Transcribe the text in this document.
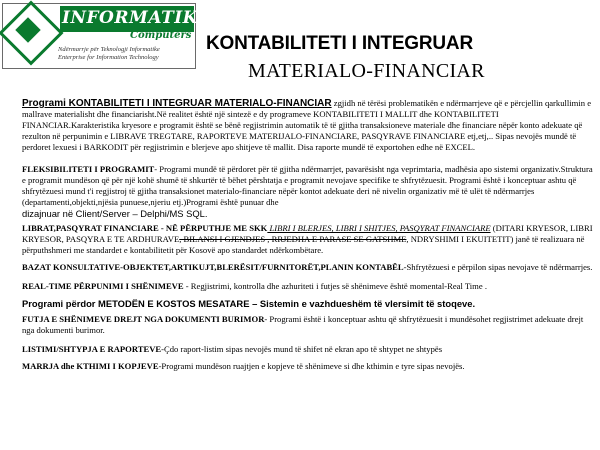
INFORMATIKA
Computers
Ndërmarrje për Teknologji Informatike
Enterprise for Information Technology
KONTABILITETI I INTEGRUAR
MATERIALO-FINANCIAR

Programi KONTABILITETI I INTEGRUAR MATERIALO-FINANCIAR zgjidh në tërësi problematikën e ndërmarrjeve që e përcjellin qarkullimin e mallrave materialisht dhe financiarisht.Në realitet është një sintezë e dy programeve KONTABILITETI I MALLIT dhe KONTABILITETI FINANCIAR.Karakteristika kryesore e programit është se bënë regjistrimin automatik të të gjitha transaksioneve materiale dhe financiare nëpër konto adekuate që rezulton në perpunimin e LIBRAVE TREGTARE, RAPORTEVE MATERIJALO-FINANCIARE, PASQYRAVE FINANCIARE etj,etj,.. Sipas nevojës mundë të perdoret lexuesi i BARKODIT për regjistrimin e blerjeve apo shitjeve të mallit. Disa raporte mundë të exportohen edhe në EXCEL.

FLEKSIBILITETI I PROGRAMIT- Programi mundë të përdoret për të gjitha ndërmarrjet, pavarësisht nga veprimtaria, madhësia apo sistemi organizativ.Struktura e programit mundëson që për një kohë shumë të shkurtër të bëhet përshtatja e programit nevojave specifike te shfrytëzuesit. Programi është i konceptuar ashtu që shfrytëzuesi mund t'i regjistroj të gjitha transaksionet materialo-financiare nëpër kontot adekuate deri në nivelin organizativ më të ulët të ndërmarrjes (departamenti,objekti,njësia punuese,njeriu etj.)Programi është punuar dhe

dizajnuar në Client/Server – Delphi/MS SQL.

LIBRAT,PASQYRAT FINANCIARE - NË PËRPUTHJE ME SKK LIBRI I BLERJES, LIBRI I SHITJES, PASQYRAT FINANCIARE (DITARI KRYESOR, LIBRI KRYESOR, PASQYRA E TE ARDHURAVE, BILANSI I GJENDJES , RRJEDHA E PARASE SE GATSHME, NDRYSHIMI I EKUITETIT) janë të realizuara në përputhshmeri me standardet e kontabilitetit për Kosovë apo standardet ndërkombëtare.

BAZAT KONSULTATIVE-OBJEKTET,ARTIKUJT,BLERËSIT/FURNITORËT,PLANIN KONTABËL-Shfrytëzuesi e përpilon sipas nevojave të ndërmarrjes.

REAL-TIME PËRPUNIMI I SHËNIMEVE - Regjistrimi, kontrolla dhe azhuriteti i futjes së shënimeve është momental-Real Time .

Programi përdor METODËN E KOSTOS MESATARE – Sistemin e vazhdueshëm të vlersimit të stoqeve.

FUTJA E SHËNIMEVE DREJT NGA DOKUMENTI BURIMOR- Programi është i konceptuar ashtu që shfrytëzuesit i mundësohet regjistrimet adekuate drejt nga dokumenti burimor.

LISTIMI/SHTYPJA E RAPORTEVE-Çdo raport-listim sipas nevojës mund të shifet në ekran apo të shtypet ne shtypës

MARRJA dhe KTHIMI I KOPJEVE-Programi mundëson ruajtjen e kopjeve të shënimeve si dhe kthimin e tyre sipas nevojës.
